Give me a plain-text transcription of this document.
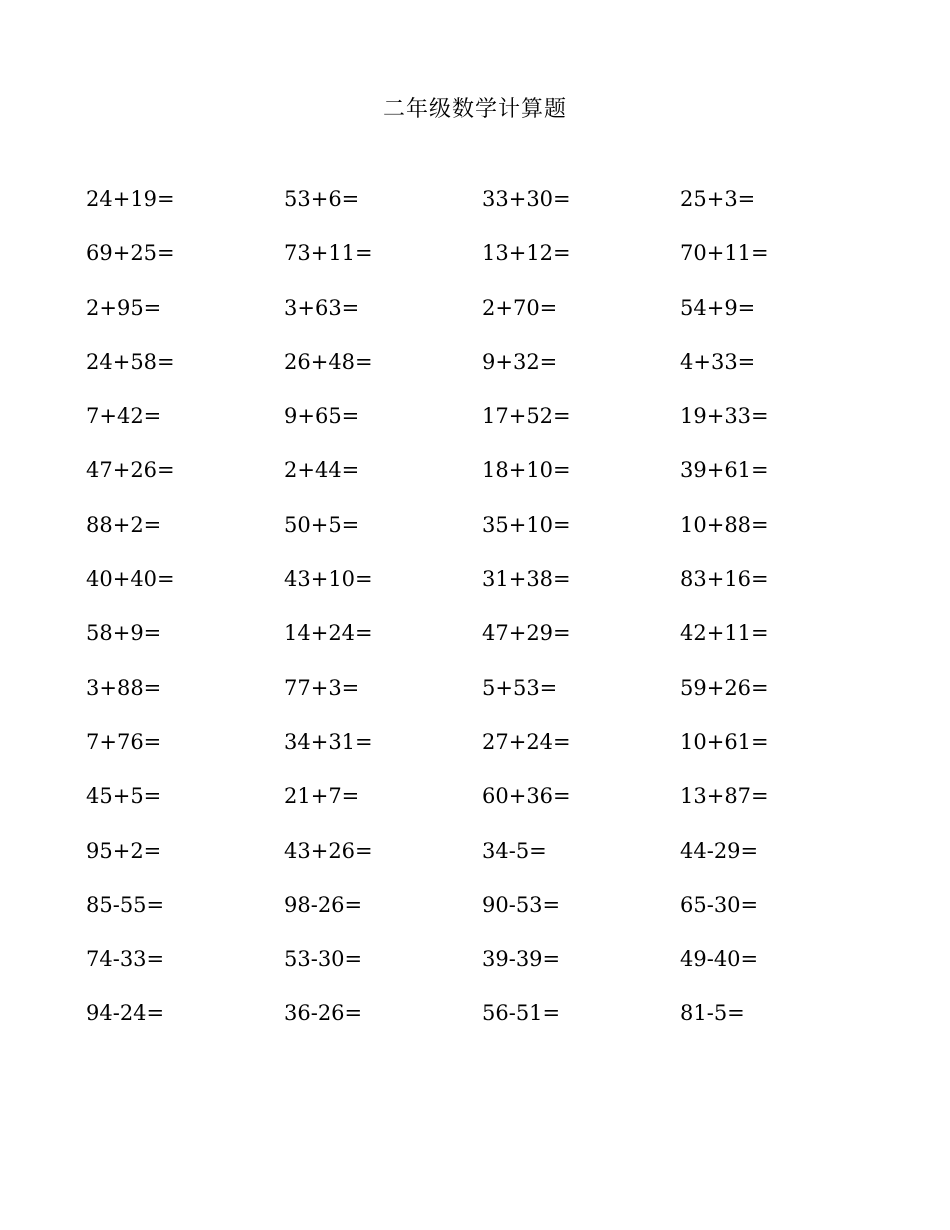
二年级数学计算题
24+19=	53+6=	33+30=	25+3=
69+25=	73+11=	13+12=	70+11=
2+95=	3+63=	2+70=	54+9=
24+58=	26+48=	9+32=	4+33=
7+42=	9+65=	17+52=	19+33=
47+26=	2+44=	18+10=	39+61=
88+2=	50+5=	35+10=	10+88=
40+40=	43+10=	31+38=	83+16=
58+9=	14+24=	47+29=	42+11=
3+88=	77+3=	5+53=	59+26=
7+76=	34+31=	27+24=	10+61=
45+5=	21+7=	60+36=	13+87=
95+2=	43+26=	34-5=	44-29=
85-55=	98-26=	90-53=	65-30=
74-33=	53-30=	39-39=	49-40=
94-24=	36-26=	56-51=	81-5=
